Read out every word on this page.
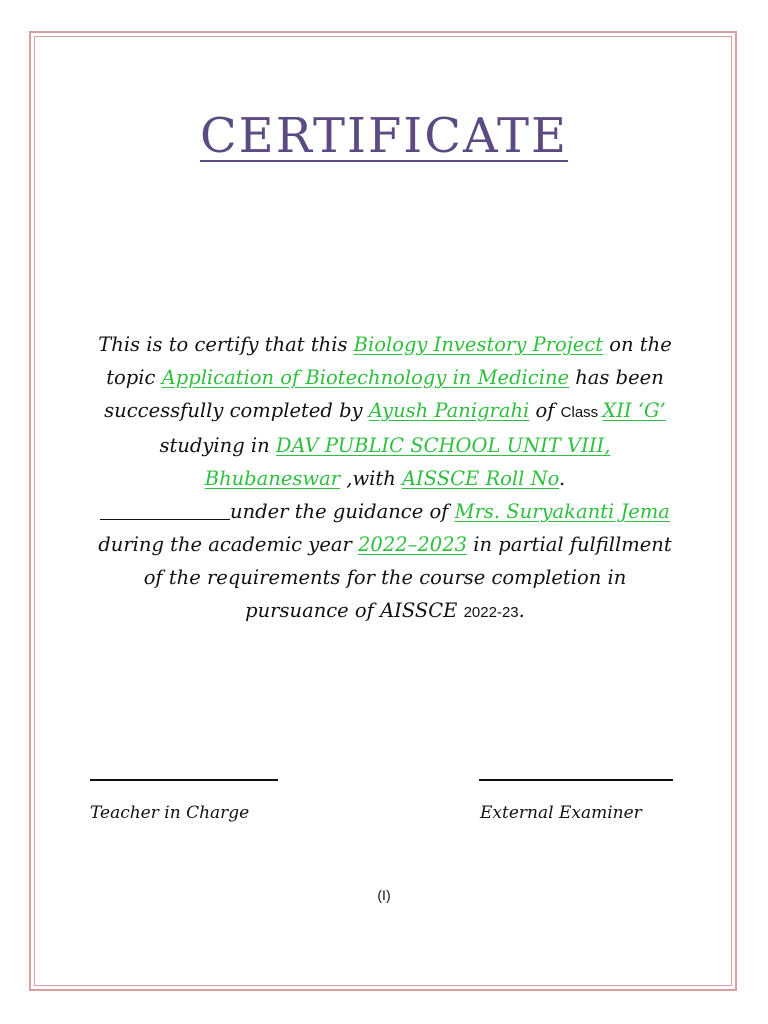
CERTIFICATE
This is to certify that this Biology Investory Project on the topic Application of Biotechnology in Medicine has been successfully completed by Ayush Panigrahi of Class XII ‘G’ studying in DAV PUBLIC SCHOOL UNIT VIII, Bhubaneswar ,with AISSCE Roll No.
under the guidance of Mrs. Suryakanti Jema during the academic year 2022–2023 in partial fulfillment of the requirements for the course completion in pursuance of AISSCE 2022-23.
Teacher in Charge	External Examiner
(I)
